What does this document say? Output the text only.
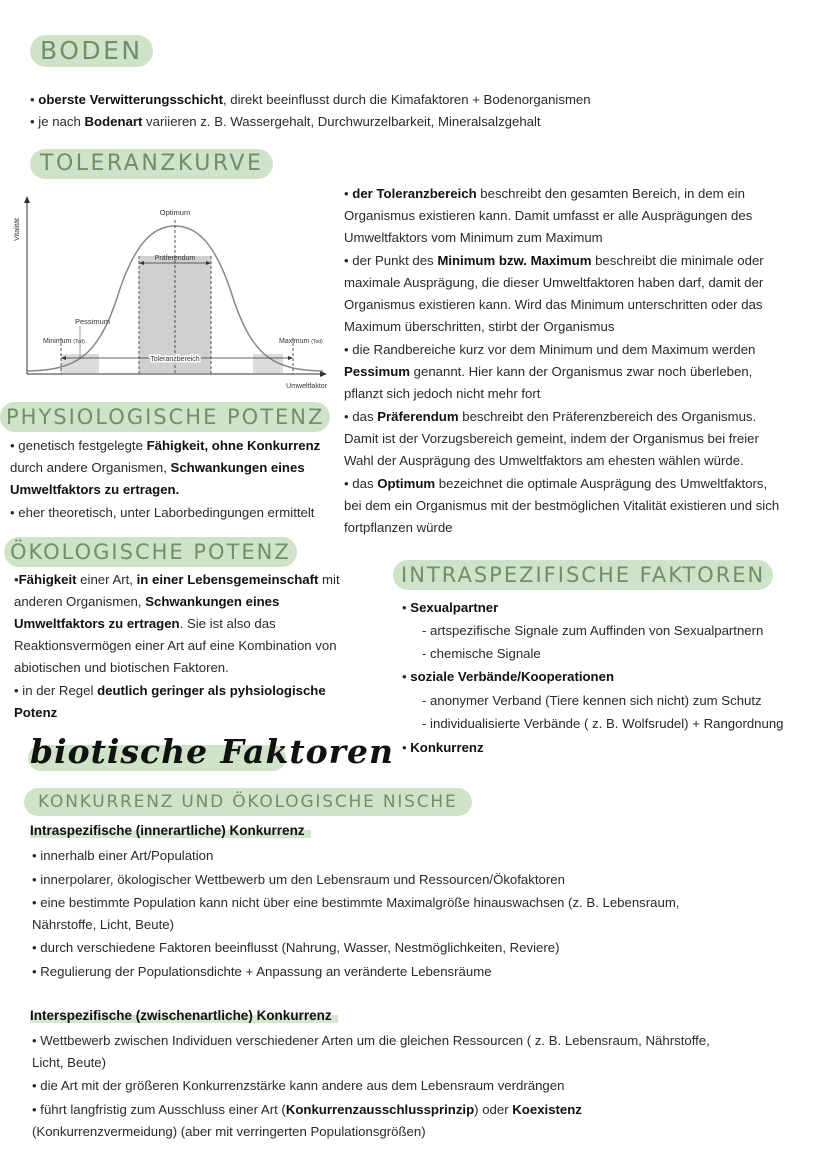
BODEN
• oberste Verwitterungsschicht, direkt beeinflusst durch die Kimafaktoren + Bodenorganismen
• je nach Bodenart variieren z. B. Wassergehalt, Durchwurzelbarkeit, Mineralsalzgehalt
TOLERANZKURVE
Vitalität
Optimum
Präferendum
Pessimum
Minimum (Tod)	Maximum (Tod)
Toleranzbereich
Umweltfaktor
• der Toleranzbereich beschreibt den gesamten Bereich, in dem ein
Organismus existieren kann. Damit umfasst er alle Ausprägungen des
Umweltfaktors vom Minimum zum Maximum
• der Punkt des Minimum bzw. Maximum beschreibt die minimale oder
maximale Ausprägung, die dieser Umweltfaktoren haben darf, damit der
Organismus existieren kann. Wird das Minimum unterschritten oder das
Maximum überschritten, stirbt der Organismus
• die Randbereiche kurz vor dem Minimum und dem Maximum werden
Pessimum genannt. Hier kann der Organismus zwar noch überleben,
pflanzt sich jedoch nicht mehr fort
• das Präferendum beschreibt den Präferenzbereich des Organismus.
Damit ist der Vorzugsbereich gemeint, indem der Organismus bei freier
Wahl der Ausprägung des Umweltfaktors am ehesten wählen würde.
• das Optimum bezeichnet die optimale Ausprägung des Umweltfaktors,
bei dem ein Organismus mit der bestmöglichen Vitalität existieren und sich
fortpflanzen würde
PHYSIOLOGISCHE POTENZ
• genetisch festgelegte Fähigkeit, ohne Konkurrenz
durch andere Organismen, Schwankungen eines
Umweltfaktors zu ertragen.
• eher theoretisch, unter Laborbedingungen ermittelt
ÖKOLOGISCHE POTENZ
•Fähigkeit einer Art, in einer Lebensgemeinschaft mit
anderen Organismen, Schwankungen eines
Umweltfaktors zu ertragen. Sie ist also das
Reaktionsvermögen einer Art auf eine Kombination von
abiotischen und biotischen Faktoren.
• in der Regel deutlich geringer als pyhsiologische
Potenz
INTRASPEZIFISCHE FAKTOREN
• Sexualpartner
- artspezifische Signale zum Auffinden von Sexualpartnern
- chemische Signale
• soziale Verbände/Kooperationen
- anonymer Verband (Tiere kennen sich nicht) zum Schutz
- individualisierte Verbände ( z. B. Wolfsrudel) + Rangordnung
• Konkurrenz
biotische Faktoren
KONKURRENZ UND ÖKOLOGISCHE NISCHE
Intraspezifische (innerartliche) Konkurrenz
• innerhalb einer Art/Population
• innerpolarer, ökologischer Wettbewerb um den Lebensraum und Ressourcen/Ökofaktoren
• eine bestimmte Population kann nicht über eine bestimmte Maximalgröße hinauswachsen (z. B. Lebensraum,
Nährstoffe, Licht, Beute)
• durch verschiedene Faktoren beeinflusst (Nahrung, Wasser, Nestmöglichkeiten, Reviere)
• Regulierung der Populationsdichte + Anpassung an veränderte Lebensräume
Interspezifische (zwischenartliche) Konkurrenz
• Wettbewerb zwischen Individuen verschiedener Arten um die gleichen Ressourcen ( z. B. Lebensraum, Nährstoffe,
Licht, Beute)
• die Art mit der größeren Konkurrenzstärke kann andere aus dem Lebensraum verdrängen
• führt langfristig zum Ausschluss einer Art (Konkurrenzausschlussprinzip) oder Koexistenz
(Konkurrenzvermeidung) (aber mit verringerten Populationsgrößen)
